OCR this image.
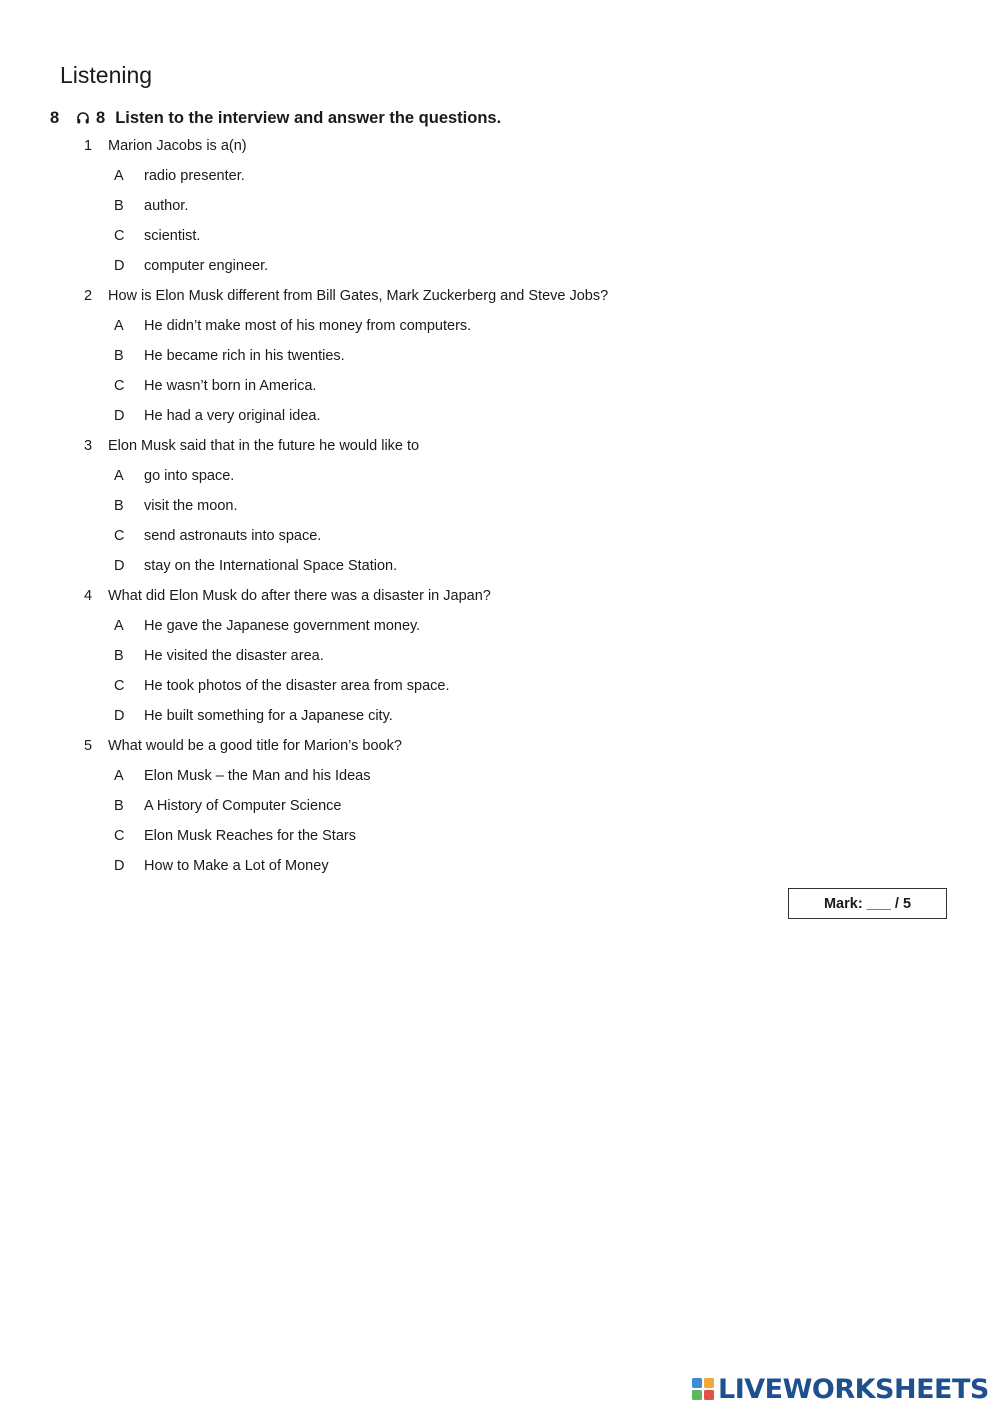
Listening
8	8 Listen to the interview and answer the questions.
1	Marion Jacobs is a(n)
A	radio presenter.
B	author.
C	scientist.
D	computer engineer.
2	How is Elon Musk different from Bill Gates, Mark Zuckerberg and Steve Jobs?
A	He didn’t make most of his money from computers.
B	He became rich in his twenties.
C	He wasn’t born in America.
D	He had a very original idea.
3	Elon Musk said that in the future he would like to
A	go into space.
B	visit the moon.
C	send astronauts into space.
D	stay on the International Space Station.
4	What did Elon Musk do after there was a disaster in Japan?
A	He gave the Japanese government money.
B	He visited the disaster area.
C	He took photos of the disaster area from space.
D	He built something for a Japanese city.
5	What would be a good title for Marion’s book?
A	Elon Musk – the Man and his Ideas
B	A History of Computer Science
C	Elon Musk Reaches for the Stars
D	How to Make a Lot of Money
Mark: ___ / 5
LIVEWORKSHEETS
